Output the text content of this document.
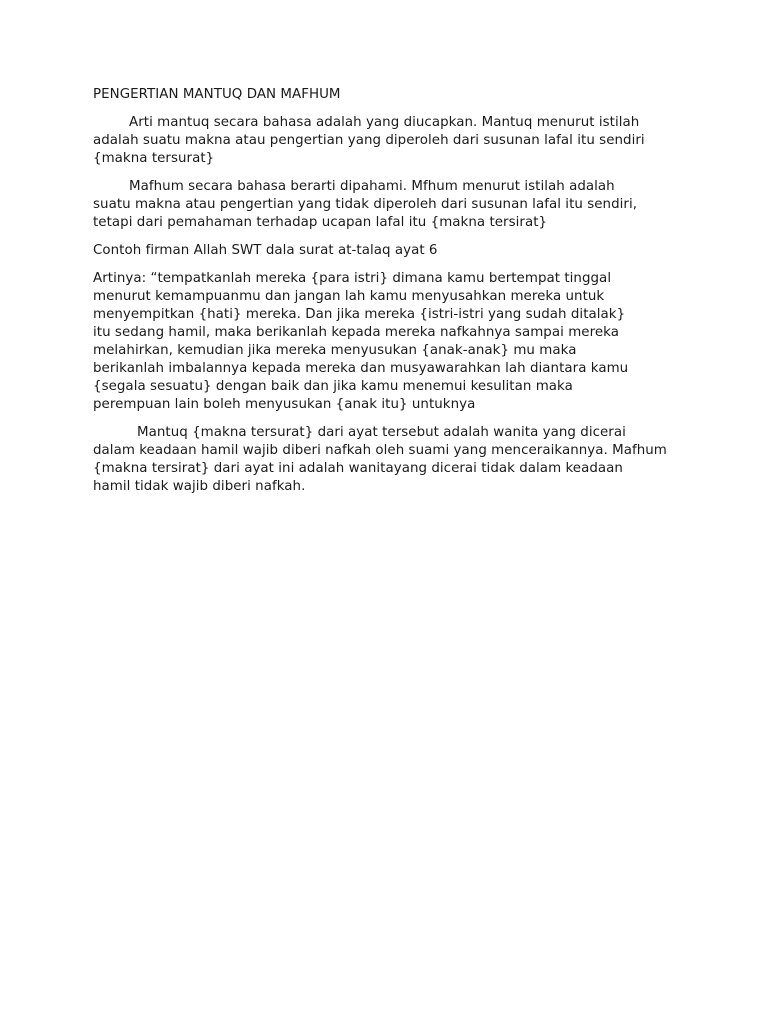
PENGERTIAN MANTUQ DAN MAFHUM

Arti mantuq secara bahasa adalah yang diucapkan. Mantuq menurut istilah
adalah suatu makna atau pengertian yang diperoleh dari susunan lafal itu sendiri
{makna tersurat}

Mafhum secara bahasa berarti dipahami. Mfhum menurut istilah adalah
suatu makna atau pengertian yang tidak diperoleh dari susunan lafal itu sendiri,
tetapi dari pemahaman terhadap ucapan lafal itu {makna tersirat}

Contoh firman Allah SWT dala surat at-talaq ayat 6

Artinya: “tempatkanlah mereka {para istri} dimana kamu bertempat tinggal
menurut kemampuanmu dan jangan lah kamu menyusahkan mereka untuk
menyempitkan {hati} mereka. Dan jika mereka {istri-istri yang sudah ditalak}
itu sedang hamil, maka berikanlah kepada mereka nafkahnya sampai mereka
melahirkan, kemudian jika mereka menyusukan {anak-anak} mu maka
berikanlah imbalannya kepada mereka dan musyawarahkan lah diantara kamu
{segala sesuatu} dengan baik dan jika kamu menemui kesulitan maka
perempuan lain boleh menyusukan {anak itu} untuknya

Mantuq {makna tersurat} dari ayat tersebut adalah wanita yang dicerai
dalam keadaan hamil wajib diberi nafkah oleh suami yang menceraikannya. Mafhum
{makna tersirat} dari ayat ini adalah wanitayang dicerai tidak dalam keadaan
hamil tidak wajib diberi nafkah.
